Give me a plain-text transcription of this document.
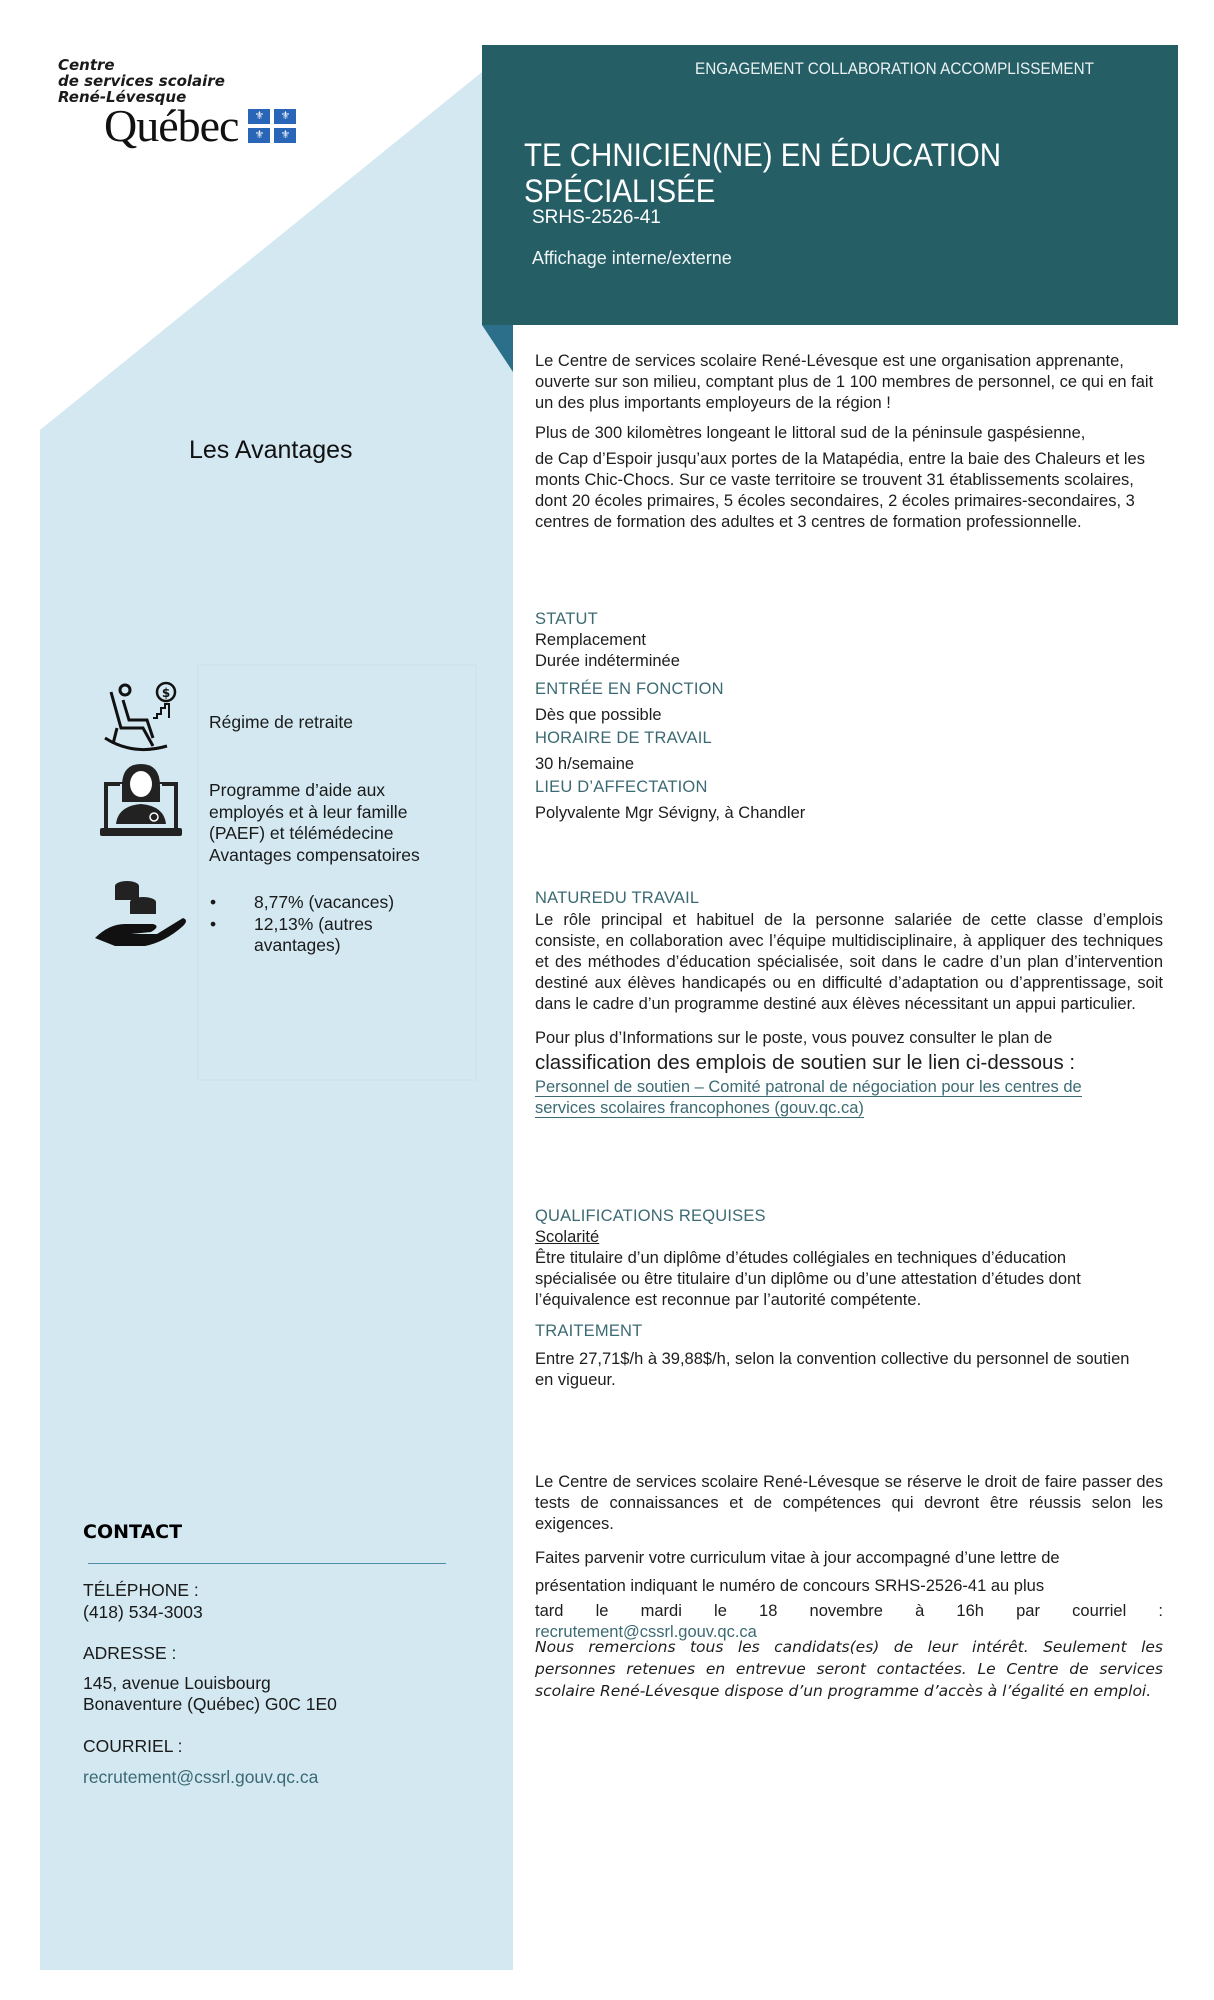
Centre
de services scolaire
René-Lévesque
Québec	⚜	⚜
⚜	⚜
ENGAGEMENT COLLABORATION ACCOMPLISSEMENT
TE CHNICIEN(NE) EN ÉDUCATION
SPÉCIALISÉE
SRHS-2526-41
Affichage interne/externe

Le Centre de services scolaire René-Lévesque est une organisation apprenante, ouverte sur son milieu, comptant plus de 1 100 membres de personnel, ce qui en fait un des plus importants employeurs de la région !

Plus de 300 kilomètres longeant le littoral sud de la péninsule gaspésienne,

de Cap d’Espoir jusqu’aux portes de la Matapédia, entre la baie des Chaleurs et les monts Chic-Chocs. Sur ce vaste territoire se trouvent 31 établissements scolaires, dont 20 écoles primaires, 5 écoles secondaires, 2 écoles primaires-secondaires, 3 centres de formation des adultes et 3 centres de formation professionnelle.

STATUT
Remplacement
Durée indéterminée
ENTRÉE EN FONCTION
Dès que possible
HORAIRE DE TRAVAIL
30 h/semaine
LIEU D’AFFECTATION
Polyvalente Mgr Sévigny, à Chandler
NATUREDU TRAVAIL

Le rôle principal et habituel de la personne salariée de cette classe d’emplois consiste, en collaboration avec l’équipe multidisciplinaire, à appliquer des techniques et des méthodes d’éducation spécialisée, soit dans le cadre d’un plan d’intervention destiné aux élèves handicapés ou en difficulté d’adaptation ou d’apprentissage, soit dans le cadre d’un programme destiné aux élèves nécessitant un appui particulier.

Pour plus d’Informations sur le poste, vous pouvez consulter le plan de

classification des emplois de soutien sur le lien ci-dessous :

Personnel de soutien – Comité patronal de négociation pour les centres de services scolaires francophones (gouv.qc.ca)
QUALIFICATIONS REQUISES
Scolarité

Être titulaire d’un diplôme d’études collégiales en techniques d’éducation spécialisée ou être titulaire d’un diplôme ou d’une attestation d’études dont l’équivalence est reconnue par l’autorité compétente.

TRAITEMENT

Entre 27,71$/h à 39,88$/h, selon la convention collective du personnel de soutien en vigueur.

Le Centre de services scolaire René-Lévesque se réserve le droit de faire passer des tests de connaissances et de compétences qui devront être réussis selon les exigences.

Faites parvenir votre curriculum vitae à jour accompagné d’une lettre de

présentation indiquant le numéro de concours SRHS-2526-41 au plus

tard le mardi le 18 novembre à 16h par courriel :

recrutement@cssrl.gouv.qc.ca

Nous remercions tous les candidats(es) de leur intérêt. Seulement les personnes retenues en entrevue seront contactées. Le Centre de services scolaire René-Lévesque dispose d’un programme d’accès à l’égalité en emploi.

Les Avantages
$
Régime de retraite
Programme d’aide aux employés et à leur famille (PAEF) et télémédecine Avantages compensatoires
•	8,77% (vacances)
•	12,13% (autres avantages)
CONTACT
TÉLÉPHONE :
(418) 534-3003
ADRESSE :
145, avenue Louisbourg
Bonaventure (Québec) G0C 1E0
COURRIEL :
recrutement@cssrl.gouv.qc.ca
